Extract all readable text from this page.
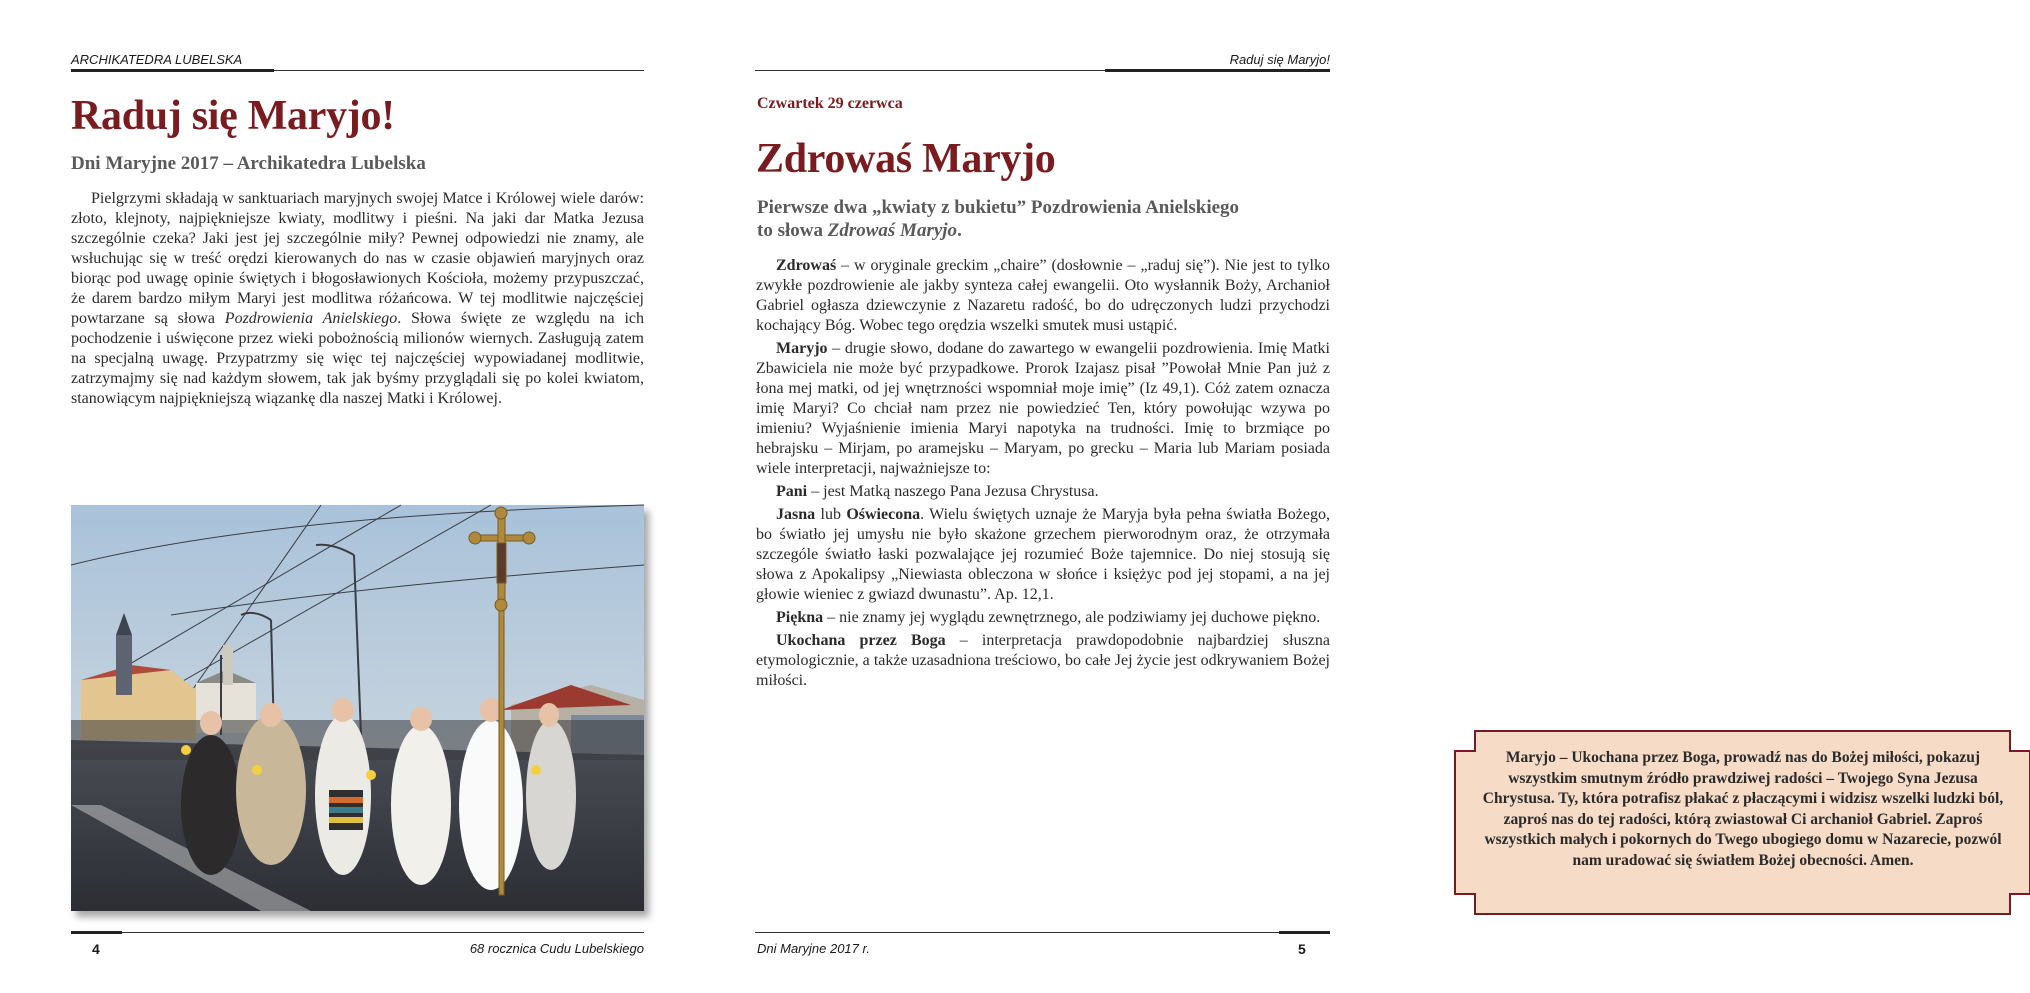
ARCHIKATEDRA LUBELSKA
Raduj się Maryjo!
Dni Maryjne 2017 – Archikatedra Lubelska

Pielgrzymi składają w sanktuariach maryjnych swojej Matce i Królowej wiele darów: złoto, klejnoty, najpiękniejsze kwiaty, modlitwy i pieśni. Na jaki dar Matka Jezusa szczególnie czeka? Jaki jest jej szczególnie miły? Pewnej odpowiedzi nie znamy, ale wsłuchując się w treść orędzi kierowanych do nas w czasie objawień maryjnych oraz biorąc pod uwagę opinie świętych i błogosławionych Kościoła, możemy przypuszczać, że darem bardzo miłym Maryi jest modlitwa różańcowa. W tej modlitwie najczęściej powtarzane są słowa Pozdrowienia Anielskiego. Słowa święte ze względu na ich pochodzenie i uświęcone przez wieki pobożnością milionów wiernych. Zasługują zatem na specjalną uwagę. Przypatrzmy się więc tej najczęściej wypowiadanej modlitwie, zatrzymajmy się nad każdym słowem, tak jak byśmy przyglądali się po kolei kwiatom, stanowiącym najpiękniejszą wiązankę dla naszej Matki i Królowej.

4	68 rocznica Cudu Lubelskiego
Raduj się Maryjo!
Czwartek 29 czerwca
Zdrowaś Maryjo
Pierwsze dwa „kwiaty z bukietu” Pozdrowienia Anielskiego
to słowa Zdrowaś Maryjo.

Zdrowaś – w oryginale greckim „chaire” (dosłownie – „raduj się”). Nie jest to tylko zwykłe pozdrowienie ale jakby synteza całej ewangelii. Oto wysłannik Boży, Archanioł Gabriel ogłasza dziewczynie z Nazaretu radość, bo do udręczonych ludzi przychodzi kochający Bóg. Wobec tego orędzia wszelki smutek musi ustąpić.

Maryjo – drugie słowo, dodane do zawartego w ewangelii pozdrowienia. Imię Matki Zbawiciela nie może być przypadkowe. Prorok Izajasz pisał ”Powołał Mnie Pan już z łona mej matki, od jej wnętrzności wspomniał moje imię” (Iz 49,1). Cóż zatem oznacza imię Maryi? Co chciał nam przez nie powiedzieć Ten, który powołując wzywa po imieniu? Wyjaśnienie imienia Maryi napotyka na trudności. Imię to brzmiące po hebrajsku – Mirjam, po aramejsku – Maryam, po grecku – Maria lub Mariam posiada wiele interpretacji, najważniejsze to:

Pani – jest Matką naszego Pana Jezusa Chrystusa.

Jasna lub Oświecona. Wielu świętych uznaje że Maryja była pełna światła Bożego, bo światło jej umysłu nie było skażone grzechem pierworodnym oraz, że otrzymała szczególe światło łaski pozwalające jej rozumieć Boże tajemnice. Do niej stosują się słowa z Apokalipsy „Niewiasta obleczona w słońce i księżyc pod jej stopami, a na jej głowie wieniec z gwiazd dwunastu”. Ap. 12,1.

Piękna – nie znamy jej wyglądu zewnętrznego, ale podziwiamy jej duchowe piękno.

Ukochana przez Boga – interpretacja prawdopodobnie najbardziej słuszna etymologicznie, a także uzasadniona treściowo, bo całe Jej życie jest odkrywaniem Bożej miłości.

Maryjo – Ukochana przez Boga, prowadź nas do Bożej miłości, pokazuj wszystkim smutnym źródło prawdziwej radości – Twojego Syna Jezusa Chrystusa. Ty, która potrafisz płakać z płaczącymi i widzisz wszelki ludzki ból, zaproś nas do tej radości, którą zwiastował Ci archanioł Gabriel. Zaproś wszystkich małych i pokornych do Twego ubogiego domu w Nazarecie, pozwól nam uradować się światłem Bożej obecności. Amen.
Dni Maryjne 2017 r.	5
